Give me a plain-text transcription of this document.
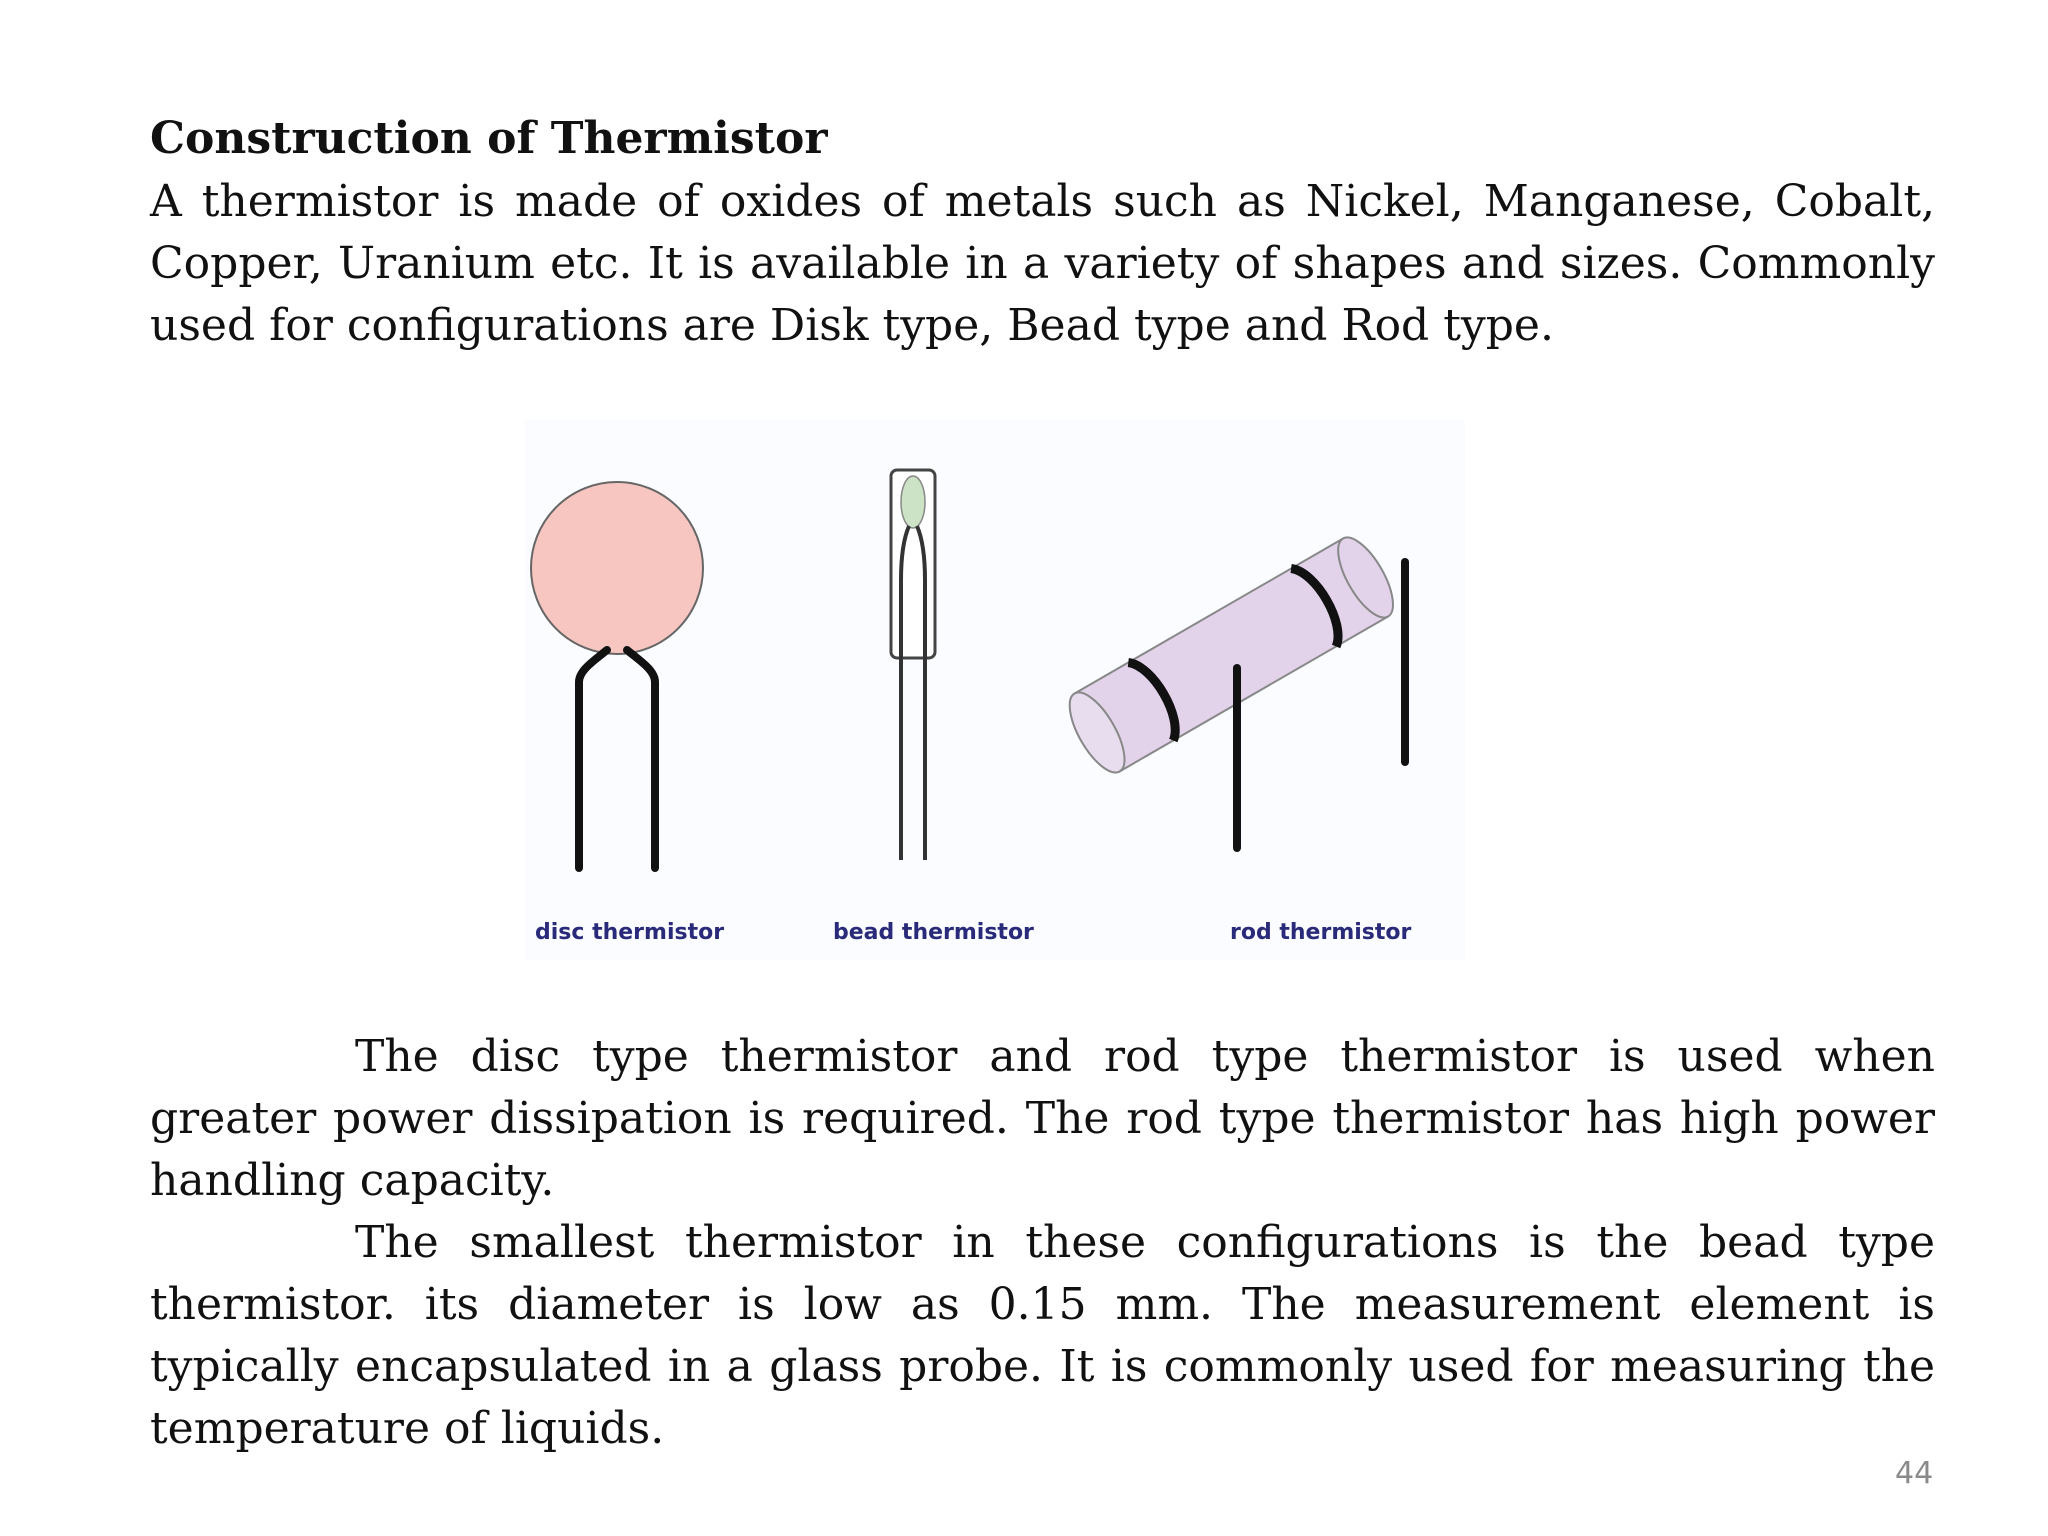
Construction of Thermistor

A thermistor is made of oxides of metals such as Nickel, Manganese, Cobalt, Copper, Uranium etc. It is available in a variety of shapes and sizes. Commonly used for configurations are Disk type, Bead type and Rod type.

disc thermistor	bead thermistor	rod thermistor

The disc type thermistor and rod type thermistor is used when greater power dissipation is required. The rod type thermistor has high power handling capacity.

The smallest thermistor in these configurations is the bead type thermistor. its diameter is low as 0.15 mm. The measurement element is typically encapsulated in a glass probe. It is commonly used for measuring the temperature of liquids.

44
